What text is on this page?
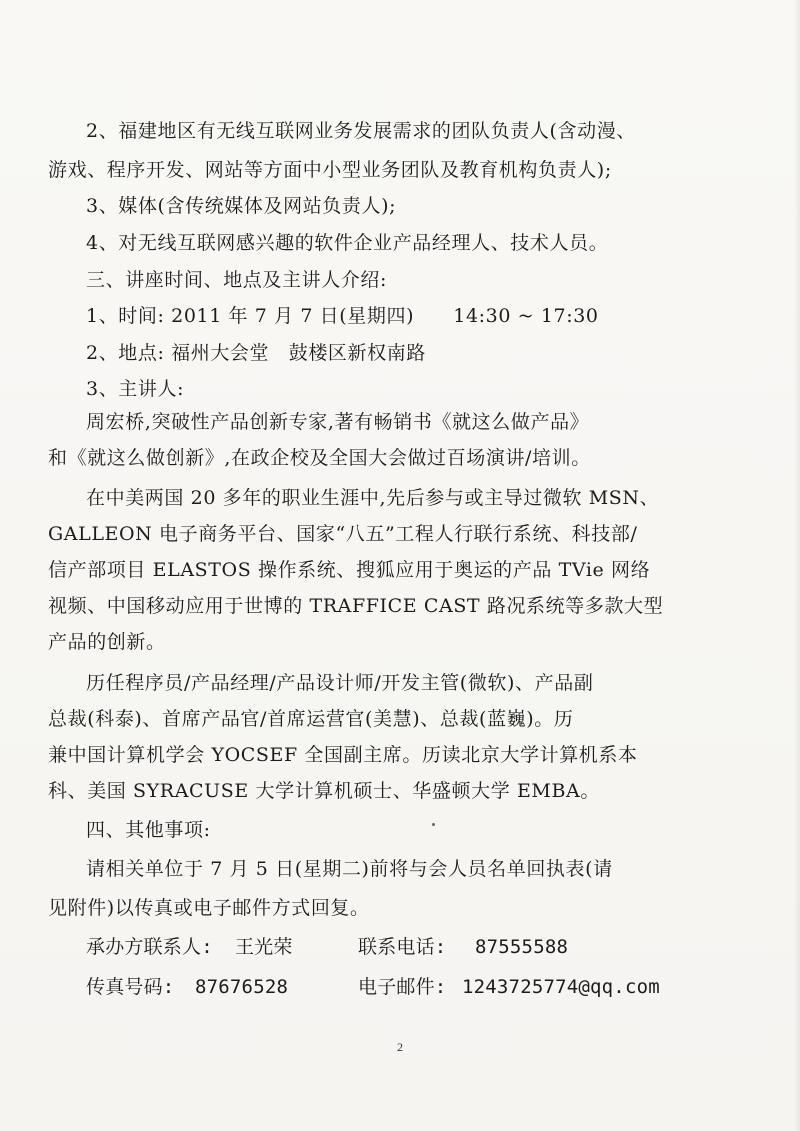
2、福建地区有无线互联网业务发展需求的团队负责人(含动漫、
游戏、程序开发、网站等方面中小型业务团队及教育机构负责人);
3、媒体(含传统媒体及网站负责人);
4、对无线互联网感兴趣的软件企业产品经理人、技术人员。
三、讲座时间、地点及主讲人介绍:
1、时间: 2011 年 7 月 7 日(星期四)　　14:30 ~ 17:30
2、地点: 福州大会堂　鼓楼区新权南路
3、主讲人:
周宏桥,突破性产品创新专家,著有畅销书《就这么做产品》
和《就这么做创新》,在政企校及全国大会做过百场演讲/培训。
在中美两国 20 多年的职业生涯中,先后参与或主导过微软 MSN、
GALLEON 电子商务平台、国家“八五”工程人行联行系统、科技部/
信产部项目 ELASTOS 操作系统、搜狐应用于奥运的产品 TVie 网络
视频、中国移动应用于世博的 TRAFFICE CAST 路况系统等多款大型
产品的创新。
历任程序员/产品经理/产品设计师/开发主管(微软)、产品副
总裁(科泰)、首席产品官/首席运营官(美慧)、总裁(蓝巍)。历
兼中国计算机学会 YOCSEF 全国副主席。历读北京大学计算机系本
科、美国 SYRACUSE 大学计算机硕士、华盛顿大学 EMBA。
四、其他事项:
请相关单位于 7 月 5 日(星期二)前将与会人员名单回执表(请
见附件)以传真或电子邮件方式回复。
承办方联系人: 王光荣	联系电话: 87555588
传真号码: 87676528	电子邮件: 1243725774@qq.com
2
